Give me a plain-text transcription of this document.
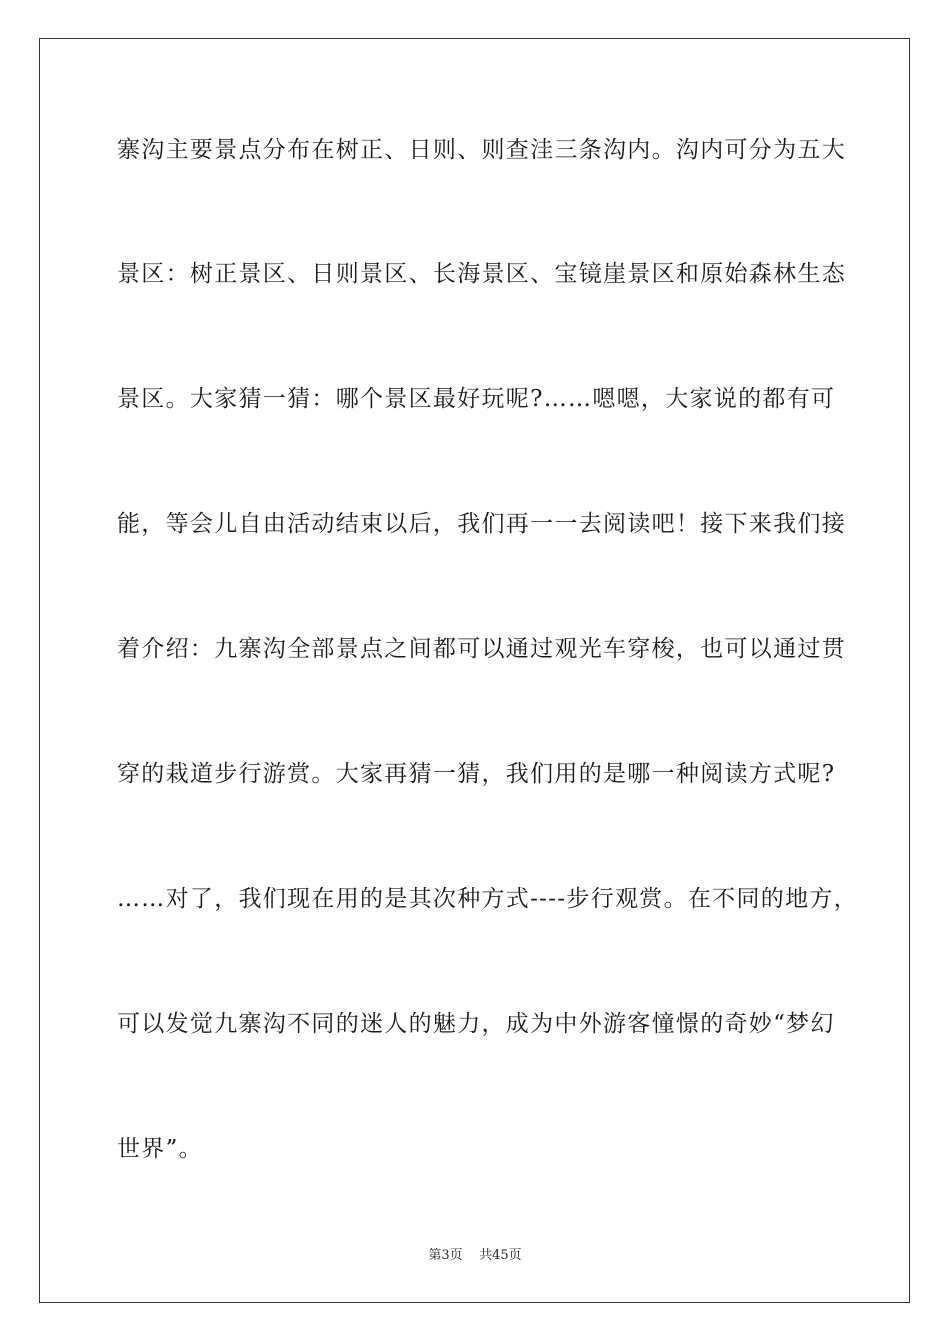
寨沟主要景点分布在树正、日则、则查洼三条沟内。沟内可分为五大
景区：树正景区、日则景区、长海景区、宝镜崖景区和原始森林生态
景区。大家猜一猜：哪个景区最好玩呢?……嗯嗯，大家说的都有可
能，等会儿自由活动结束以后，我们再一一去阅读吧！接下来我们接
着介绍：九寨沟全部景点之间都可以通过观光车穿梭，也可以通过贯
穿的栽道步行游赏。大家再猜一猜，我们用的是哪一种阅读方式呢?
……对了，我们现在用的是其次种方式----步行观赏。在不同的地方，
可以发觉九寨沟不同的迷人的魅力，成为中外游客憧憬的奇妙“梦幻
世界”。
第3页 共45页
